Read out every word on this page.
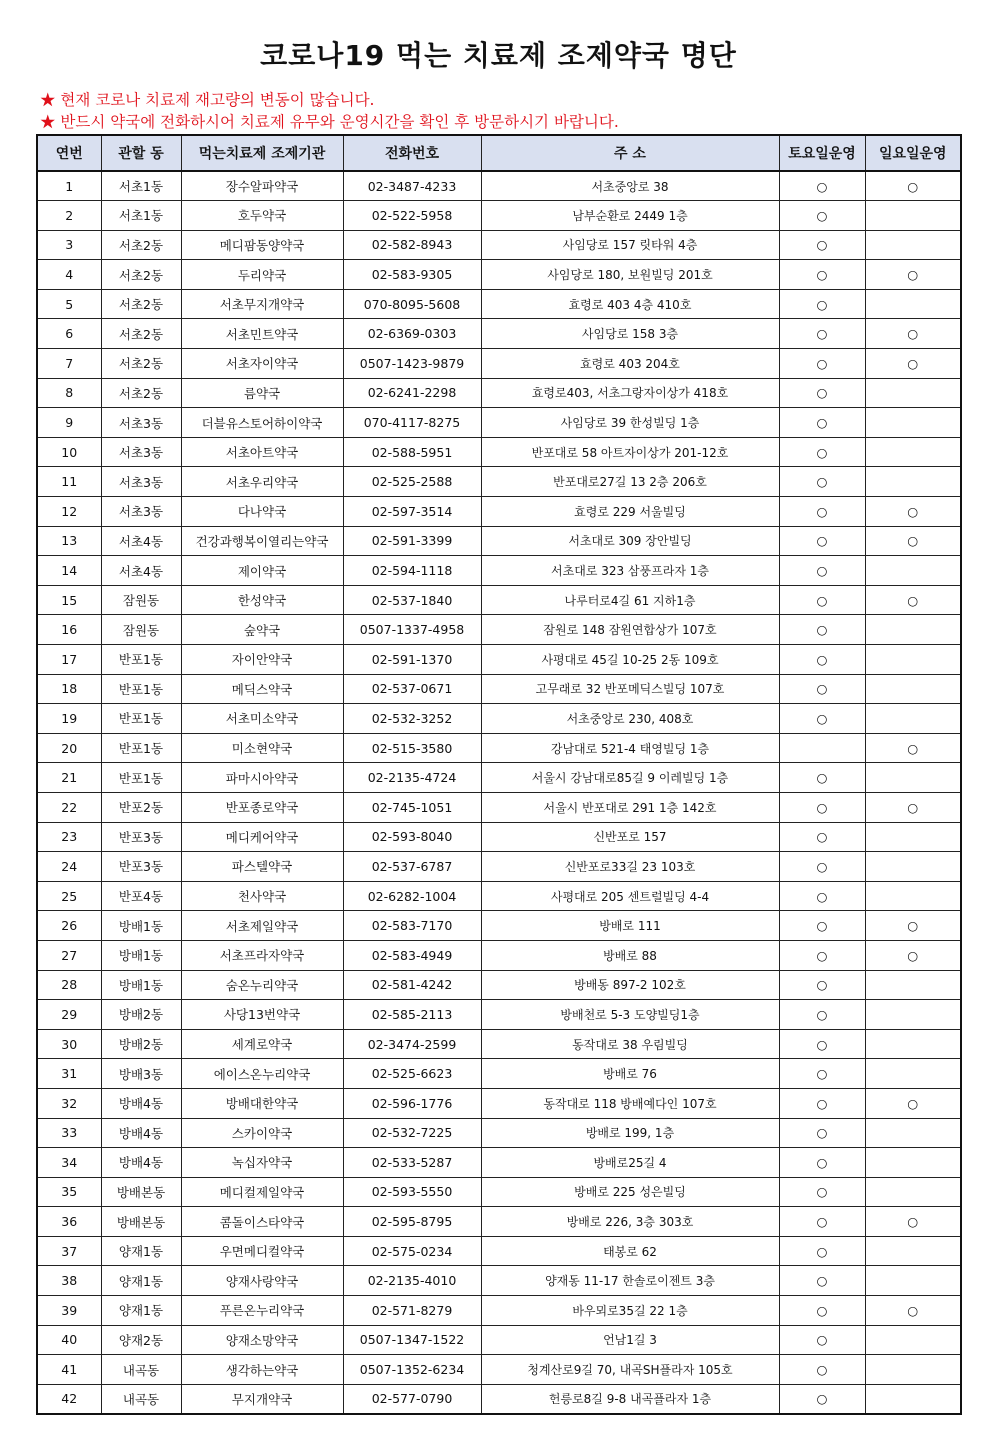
코로나19 먹는 치료제 조제약국 명단
★ 현재 코로나 치료제 재고량의 변동이 많습니다.
★ 반드시 약국에 전화하시어 치료제 유무와 운영시간을 확인 후 방문하시기 바랍니다.
연번	관할 동	먹는치료제 조제기관	전화번호	주 소	토요일운영	일요일운영
1	서초1동	장수알파약국	02-3487-4233	서초중앙로 38	○	○
2	서초1동	호두약국	02-522-5958	남부순환로 2449 1층	○	
3	서초2동	메디팜동양약국	02-582-8943	사임당로 157 릿타워 4층	○	
4	서초2동	두리약국	02-583-9305	사임당로 180, 보원빌딩 201호	○	○
5	서초2동	서초무지개약국	070-8095-5608	효령로 403 4층 410호	○	
6	서초2동	서초민트약국	02-6369-0303	사임당로 158 3층	○	○
7	서초2동	서초자이약국	0507-1423-9879	효령로 403 204호	○	○
8	서초2동	름약국	02-6241-2298	효령로403, 서초그랑자이상가 418호	○	
9	서초3동	더블유스토어하이약국	070-4117-8275	사임당로 39 한성빌딩 1층	○	
10	서초3동	서초아트약국	02-588-5951	반포대로 58 아트자이상가 201-12호	○	
11	서초3동	서초우리약국	02-525-2588	반포대로27길 13 2층 206호	○	
12	서초3동	다나약국	02-597-3514	효령로 229 서울빌딩	○	○
13	서초4동	건강과행복이열리는약국	02-591-3399	서초대로 309 장안빌딩	○	○
14	서초4동	제이약국	02-594-1118	서초대로 323 삼풍프라자 1층	○	
15	잠원동	한성약국	02-537-1840	나루터로4길 61 지하1층	○	○
16	잠원동	숲약국	0507-1337-4958	잠원로 148 잠원연합상가 107호	○	
17	반포1동	자이안약국	02-591-1370	사평대로 45길 10-25 2동 109호	○	
18	반포1동	메딕스약국	02-537-0671	고무래로 32 반포메딕스빌딩 107호	○	
19	반포1동	서초미소약국	02-532-3252	서초중앙로 230, 408호	○	
20	반포1동	미소현약국	02-515-3580	강남대로 521-4 태영빌딩 1층		○
21	반포1동	파마시아약국	02-2135-4724	서울시 강남대로85길 9 이레빌딩 1층	○	
22	반포2동	반포종로약국	02-745-1051	서울시 반포대로 291 1층 142호	○	○
23	반포3동	메디케어약국	02-593-8040	신반포로 157	○	
24	반포3동	파스텔약국	02-537-6787	신반포로33길 23 103호	○	
25	반포4동	천사약국	02-6282-1004	사평대로 205 센트럴빌딩 4-4	○	
26	방배1동	서초제일약국	02-583-7170	방배로 111	○	○
27	방배1동	서초프라자약국	02-583-4949	방배로 88	○	○
28	방배1동	숨온누리약국	02-581-4242	방배동 897-2 102호	○	
29	방배2동	사당13번약국	02-585-2113	방배천로 5-3 도양빌딩1층	○	
30	방배2동	세계로약국	02-3474-2599	동작대로 38 우림빌딩	○	
31	방배3동	에이스온누리약국	02-525-6623	방배로 76	○	
32	방배4동	방배대한약국	02-596-1776	동작대로 118 방배예다인 107호	○	○
33	방배4동	스카이약국	02-532-7225	방배로 199, 1층	○	
34	방배4동	녹십자약국	02-533-5287	방배로25길 4	○	
35	방배본동	메디컬제일약국	02-593-5550	방배로 225 성은빌딩	○	
36	방배본동	콤돌이스타약국	02-595-8795	방배로 226, 3층 303호	○	○
37	양재1동	우면메디컬약국	02-575-0234	태봉로 62	○	
38	양재1동	양재사랑약국	02-2135-4010	양재동 11-17 한솔로이젠트 3층	○	
39	양재1동	푸른온누리약국	02-571-8279	바우뫼로35길 22 1층	○	○
40	양재2동	양재소망약국	0507-1347-1522	언남1길 3	○	
41	내곡동	생각하는약국	0507-1352-6234	청계산로9길 70, 내곡SH플라자 105호	○	
42	내곡동	무지개약국	02-577-0790	헌릉로8길 9-8 내곡플라자 1층	○	
